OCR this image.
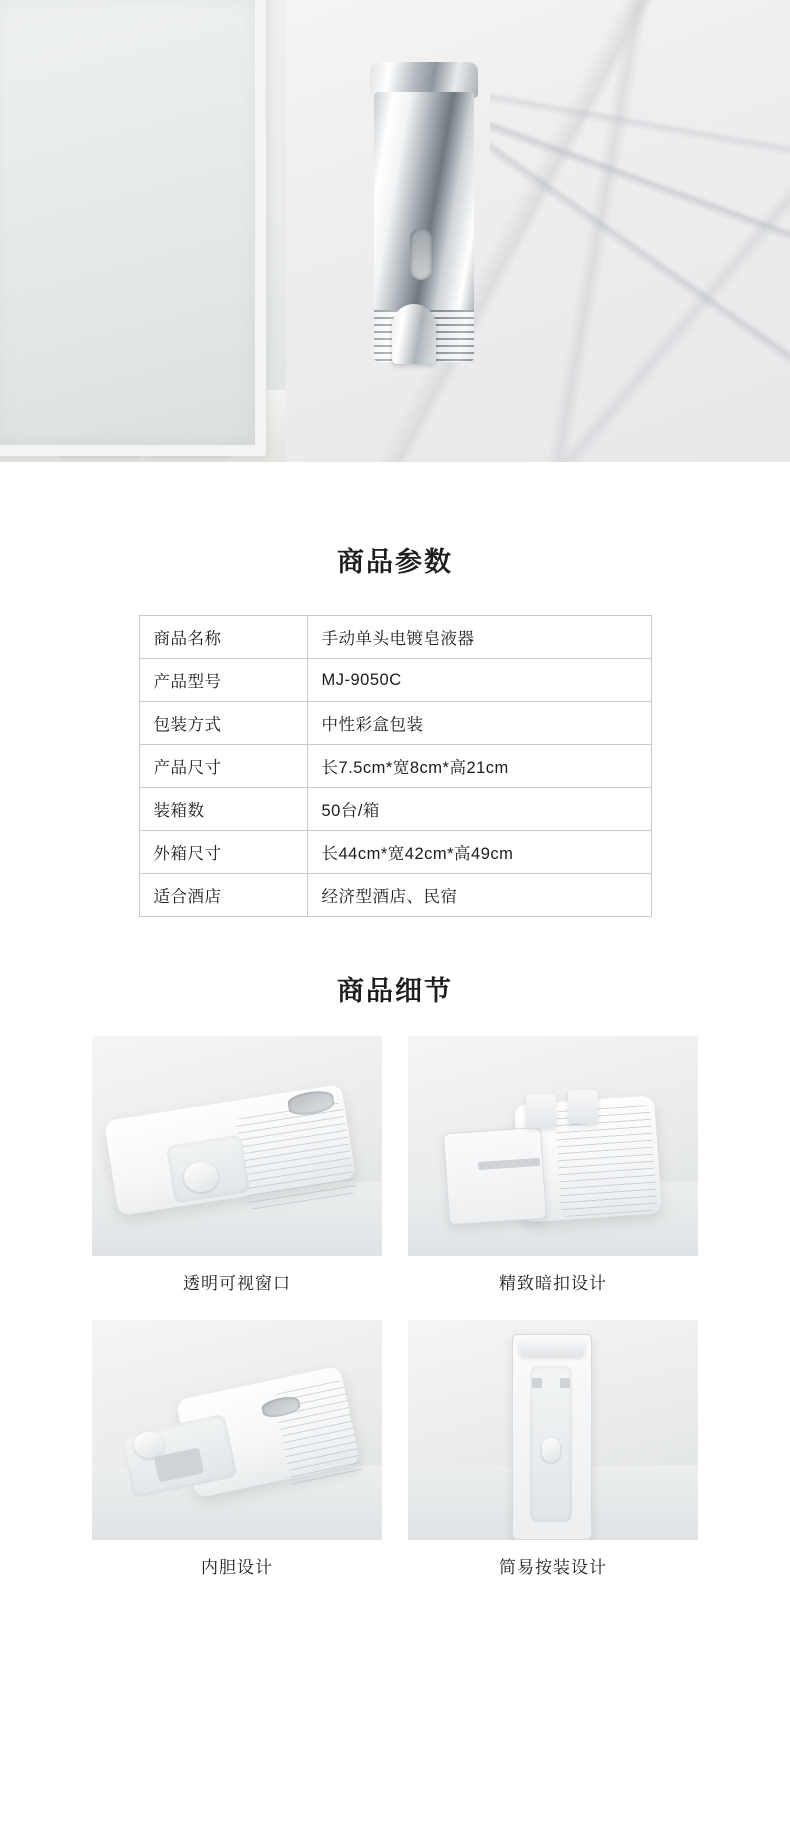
商品参数
商品名称	手动单头电镀皂液器
产品型号	MJ-9050C
包装方式	中性彩盒包装
产品尺寸	长7.5cm*宽8cm*高21cm
装箱数	50台/箱
外箱尺寸	长44cm*宽42cm*高49cm
适合酒店	经济型酒店、民宿
商品细节
透明可视窗口	精致暗扣设计
内胆设计	简易按装设计
